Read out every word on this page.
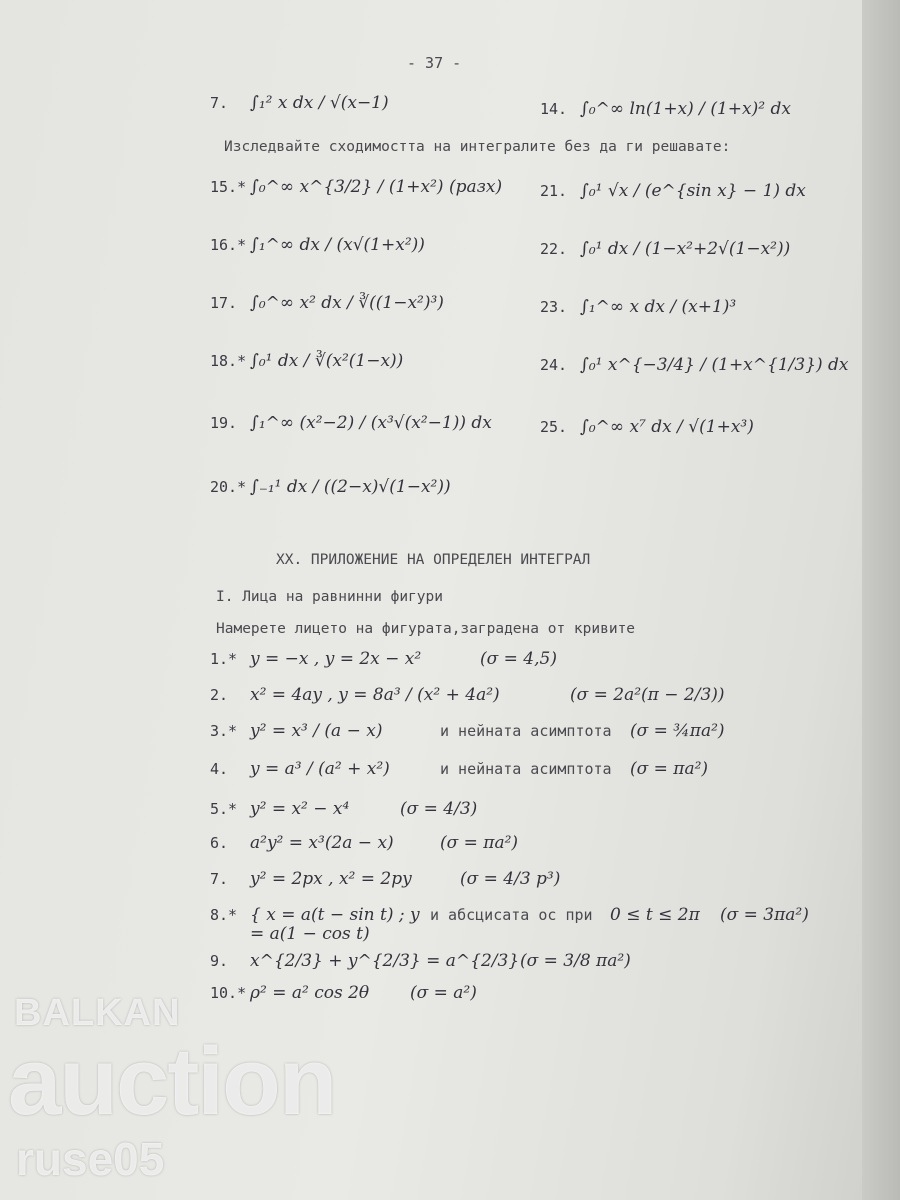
- 37 -
7. ∫₁² x dx / √(x−1)
15.* ∫₀^∞ x^{3/2} / (1+x²) (разх)
16.* ∫₁^∞ dx / (x√(1+x²))
17. ∫₀^∞ x² dx / ∛((1−x²)³)
18.* ∫₀¹ dx / ∛(x²(1−x))
19. ∫₁^∞ (x²−2) / (x³√(x²−1)) dx
20.* ∫₋₁¹ dx / ((2−x)√(1−x²))
14. ∫₀^∞ ln(1+x) / (1+x)² dx
21. ∫₀¹ √x / (e^{sin x} − 1) dx
22. ∫₀¹ dx / (1−x²+2√(1−x²))
23. ∫₁^∞ x dx / (x+1)³
24. ∫₀¹ x^{−3/4} / (1+x^{1/3}) dx
25. ∫₀^∞ x⁷ dx / √(1+x³)
Изследвайте сходимостта на интегралите без да ги решавате:
XX. ПРИЛОЖЕНИЕ НА ОПРЕДЕЛЕН ИНТЕГРАЛ
I. Лица на равнинни фигури
Намерете лицето на фигурата,заградена от кривите
1.* y = −x , y = 2x − x²	(σ = 4,5)
2. x² = 4ay , y = 8a³ / (x² + 4a²)	(σ = 2a²(π − 2/3))
3.* y² = x³ / (a − x)	и нейната асимптота (σ = ¾πa²)
4. y = a³ / (a² + x²)	и нейната асимптота (σ = πa²)
5.* y² = x² − x⁴	(σ = 4/3)
6. a²y² = x³(2a − x)	(σ = πa²)
7. y² = 2px , x² = 2py	(σ = 4/3 p³)
8.* { x = a(t − sin t) ; y = a(1 − cos t)
и абсцисата ос при 0 ≤ t ≤ 2π (σ = 3πa²)
9. x^{2/3} + y^{2/3} = a^{2/3} (σ = 3/8 πa²)
10.* ρ² = a² cos 2θ (σ = a²)
BALKAN
auction
ruse05
